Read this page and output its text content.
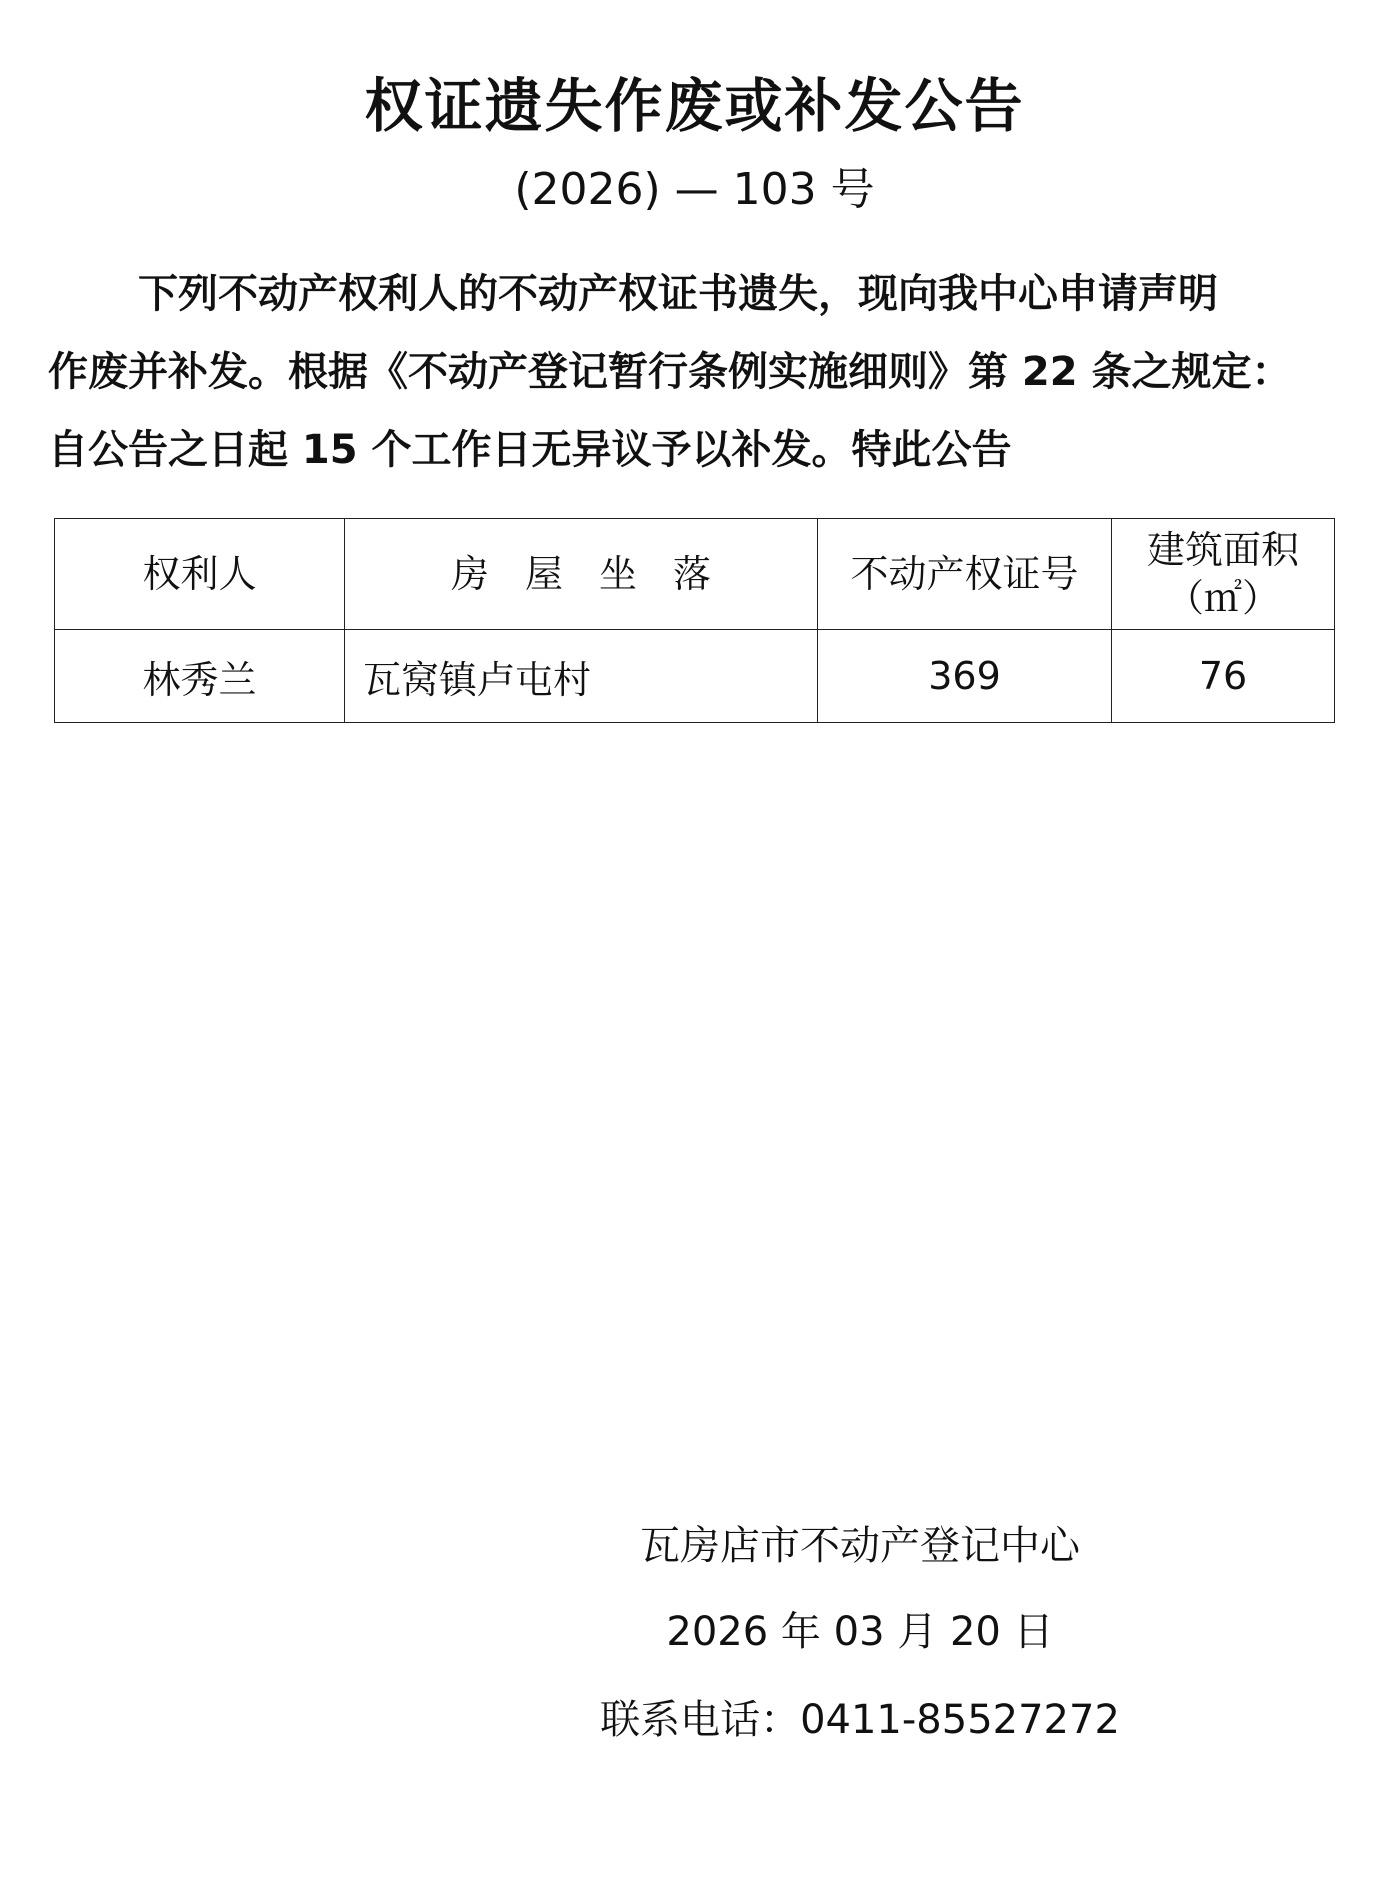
权证遗失作废或补发公告
(2026) — 103 号

下列不动产权利人的不动产权证书遗失，现向我中心申请声明

作废并补发。根据《不动产登记暂行条例实施细则》第 22 条之规定：

自公告之日起 15 个工作日无异议予以补发。特此公告

权利人	房屋坐落	不动产权证号	建筑面积
（㎡）

林秀兰	瓦窝镇卢屯村	369	76
瓦房店市不动产登记中心
2026 年 03 月 20 日
联系电话：0411-85527272
